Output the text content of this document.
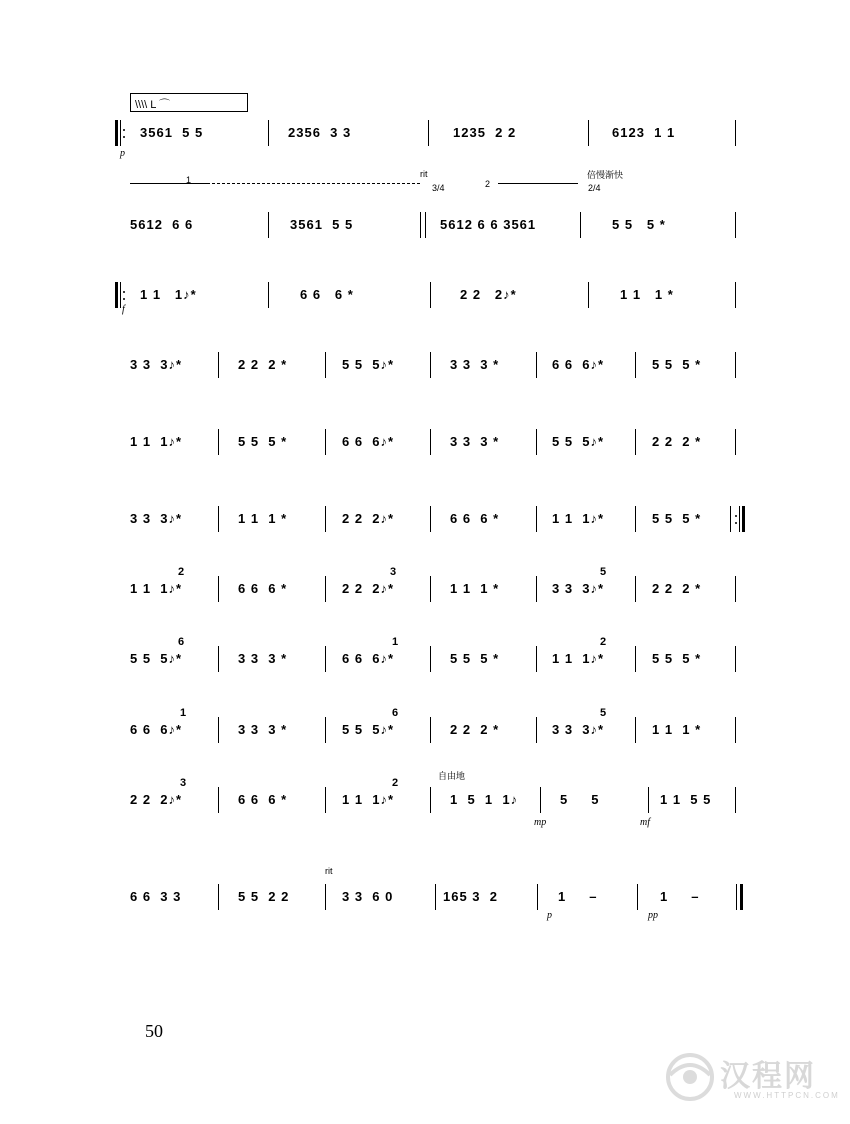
\\\\ L ⌒
3561  5 5	2356  3 3	1235  2 2	6123  1 1
p
1
rit
3/4	2
倍慢渐快
2/4
5612  6 6	3561  5 5	5612 6 6 3561	5 5   5 *
1 1   1♪*	6 6   6 *	2 2   2♪*	1 1   1 *
f
3 3  3♪*	2 2  2 *	5 5  5♪*	3 3  3 *	6 6  6♪*	5 5  5 *
1 1  1♪*	5 5  5 *	6 6  6♪*	3 3  3 *	5 5  5♪*	2 2  2 *
3 3  3♪*	1 1  1 *	2 2  2♪*	6 6  6 *	1 1  1♪*	5 5  5 *
2	3	5
1 1  1♪*	6 6  6 *	2 2  2♪*	1 1  1 *	3 3  3♪*	2 2  2 *
6	1	2
5 5  5♪*	3 3  3 *	6 6  6♪*	5 5  5 *	1 1  1♪*	5 5  5 *
1	6	5
6 6  6♪*	3 3  3 *	5 5  5♪*	2 2  2 *	3 3  3♪*	1 1  1 *
3	2
自由地
2 2  2♪*	6 6  6 *	1 1  1♪*	1  5  1  1♪	5     5
mp	mf
1 1  5 5
rit
6 6  3 3	5 5  2 2	3 3  6 0	165 3  2	1     –
p
1     –
pp
50
汉程网
WWW.HTTPCN.COM
